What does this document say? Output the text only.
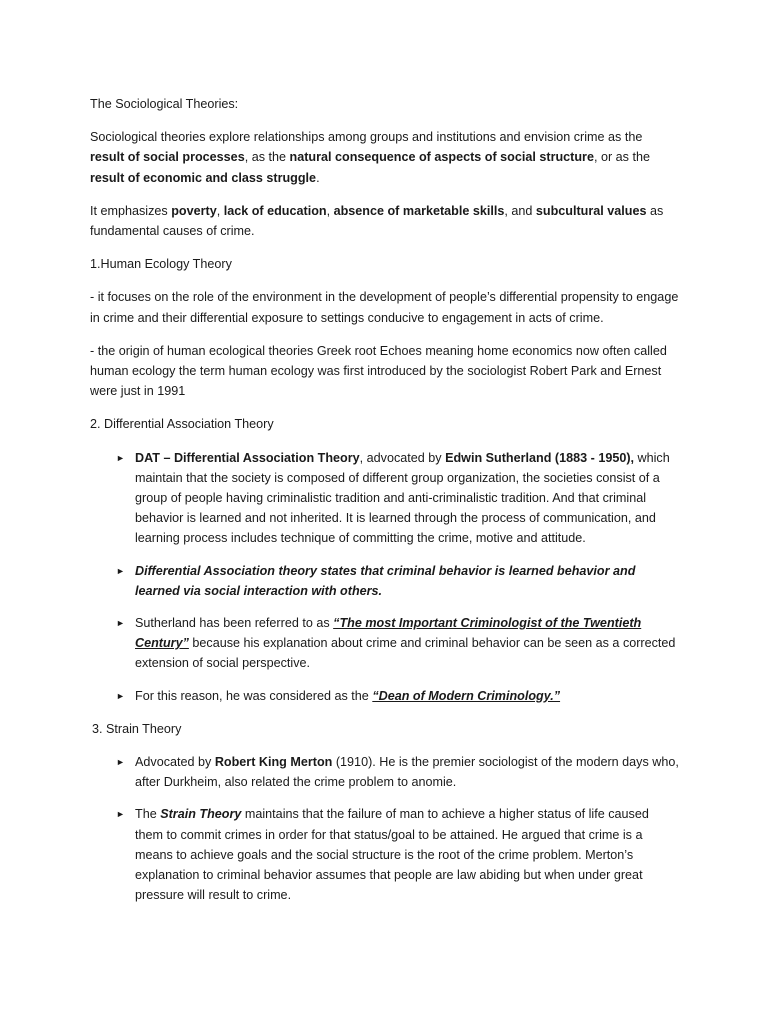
The Sociological Theories:

Sociological theories explore relationships among groups and institutions and envision crime as the result of social processes, as the natural consequence of aspects of social structure, or as the result of economic and class struggle.

It emphasizes poverty, lack of education, absence of marketable skills, and subcultural values as fundamental causes of crime.

1.Human Ecology Theory

- it focuses on the role of the environment in the development of people’s differential propensity to engage in crime and their differential exposure to settings conducive to engagement in acts of crime.

- the origin of human ecological theories Greek root Echoes meaning home economics now often called human ecology the term human ecology was first introduced by the sociologist Robert Park and Ernest were just in 1991

2. Differential Association Theory

► DAT – Differential Association Theory, advocated by Edwin Sutherland (1883 - 1950), which maintain that the society is composed of different group organization, the societies consist of a group of people having criminalistic tradition and anti-criminalistic tradition. And that criminal behavior is learned and not inherited. It is learned through the process of communication, and learning process includes technique of committing the crime, motive and attitude.
► Differential Association theory states that criminal behavior is learned behavior and learned via social interaction with others.
► Sutherland has been referred to as “The most Important Criminologist of the Twentieth Century” because his explanation about crime and criminal behavior can be seen as a corrected extension of social perspective.
► For this reason, he was considered as the “Dean of Modern Criminology.”

3. Strain Theory

► Advocated by Robert King Merton (1910). He is the premier sociologist of the modern days who, after Durkheim, also related the crime problem to anomie.
► The Strain Theory maintains that the failure of man to achieve a higher status of life caused them to commit crimes in order for that status/goal to be attained. He argued that crime is a means to achieve goals and the social structure is the root of the crime problem. Merton’s explanation to criminal behavior assumes that people are law abiding but when under great pressure will result to crime.
